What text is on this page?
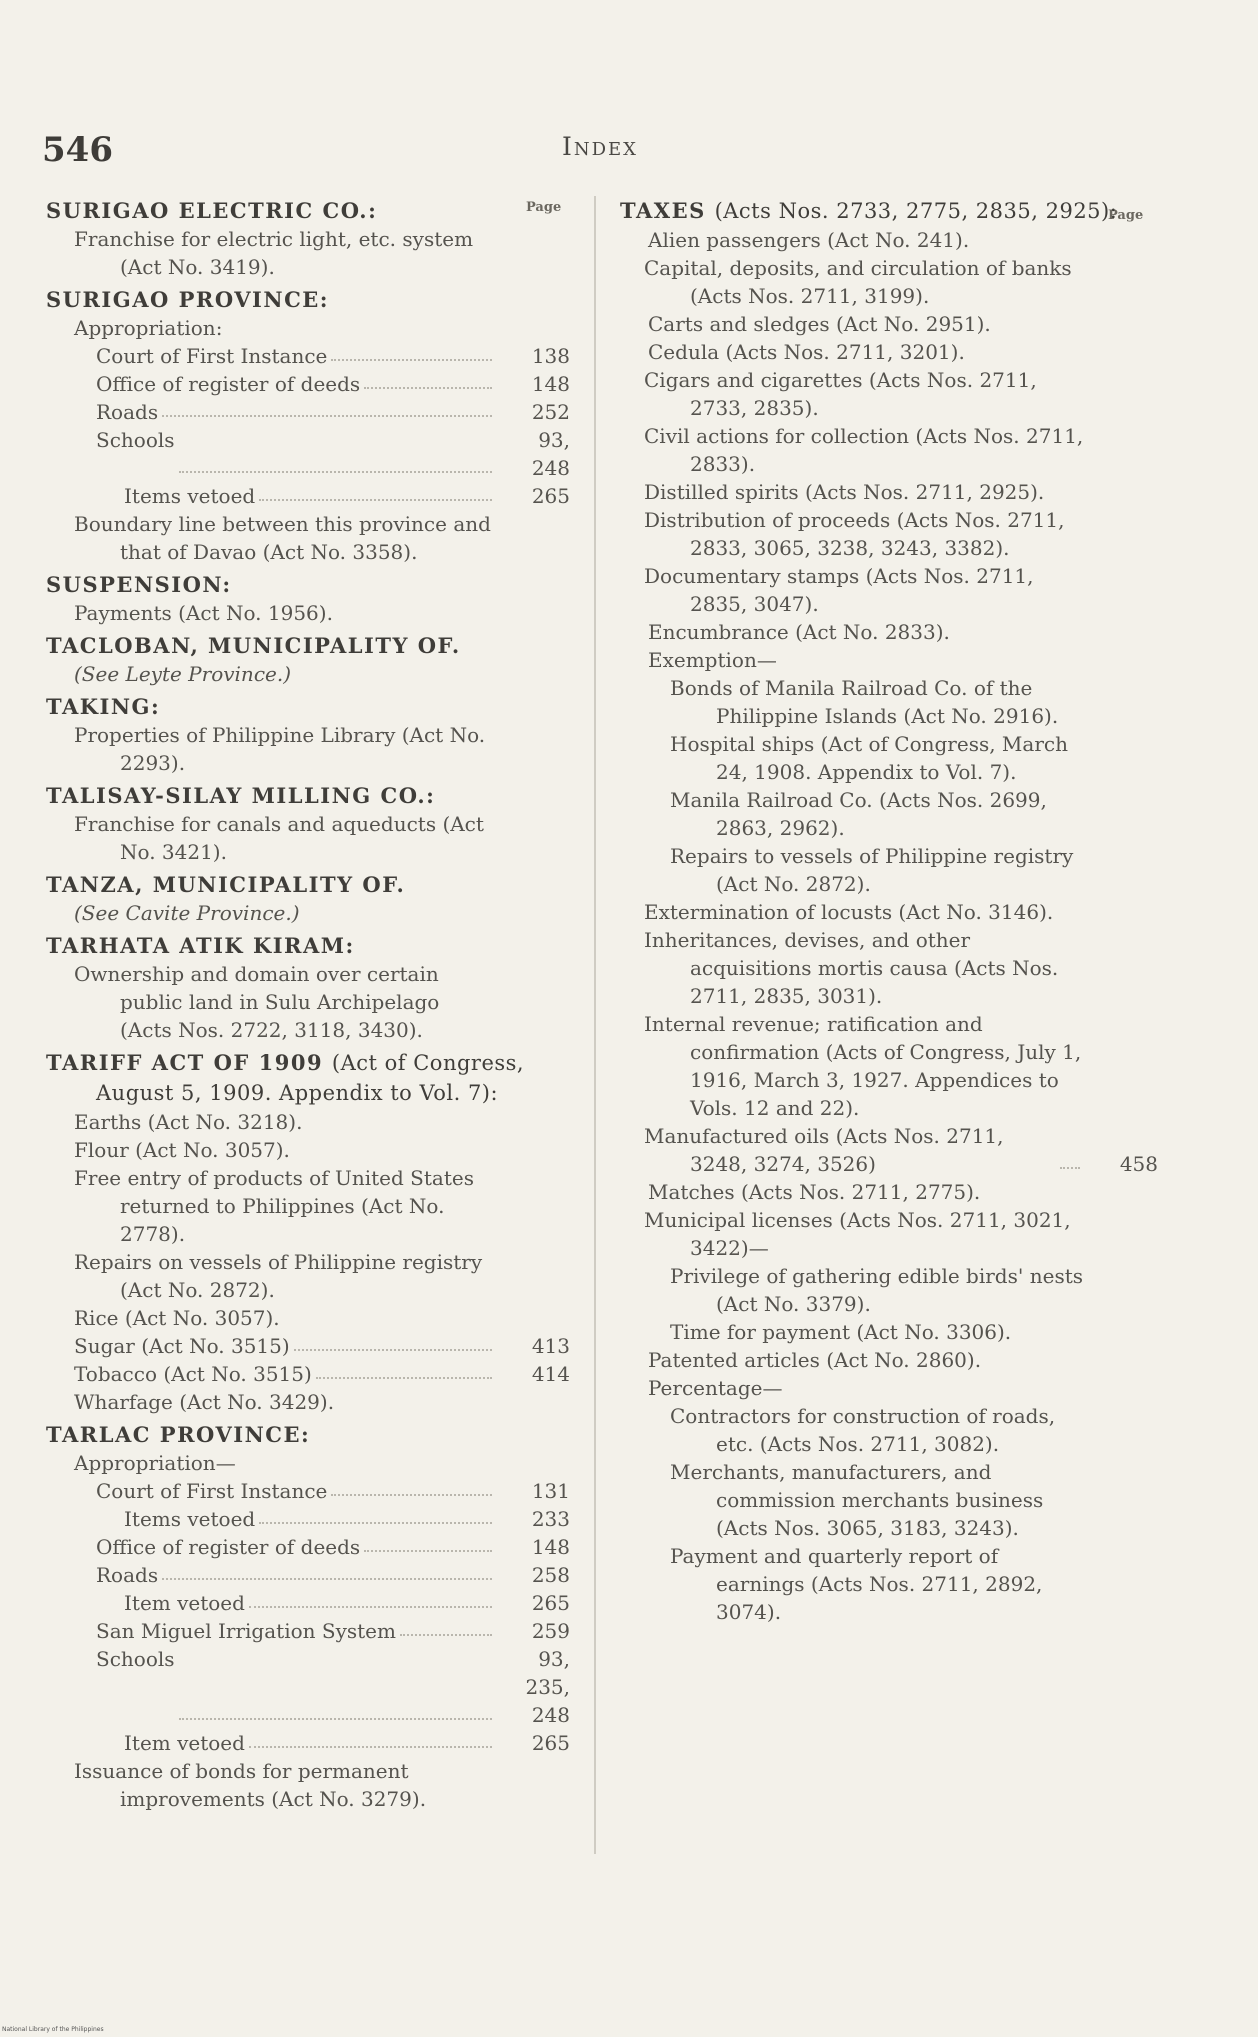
546	Index
Page
Page
SURIGAO ELECTRIC CO.:
Franchise for electric light, etc. system (Act No. 3419).
SURIGAO PROVINCE:
Appropriation:
Court of First Instance	138
Office of register of deeds	148
Roads	252
Schools	93, 248
Items vetoed	265
Boundary line between this province and that of Davao (Act No. 3358).
SUSPENSION:
Payments (Act No. 1956).
TACLOBAN, MUNICIPALITY OF.
(See Leyte Province.)
TAKING:
Properties of Philippine Library (Act No. 2293).
TALISAY-SILAY MILLING CO.:
Franchise for canals and aqueducts (Act No. 3421).
TANZA, MUNICIPALITY OF.
(See Cavite Province.)
TARHATA ATIK KIRAM:
Ownership and domain over certain public land in Sulu Archipelago (Acts Nos. 2722, 3118, 3430).
TARIFF ACT OF 1909 (Act of Congress, August 5, 1909. Appendix to Vol. 7):
Earths (Act No. 3218).
Flour (Act No. 3057).
Free entry of products of United States returned to Philippines (Act No. 2778).
Repairs on vessels of Philippine registry (Act No. 2872).
Rice (Act No. 3057).
Sugar (Act No. 3515)	413
Tobacco (Act No. 3515)	414
Wharfage (Act No. 3429).
TARLAC PROVINCE:
Appropriation—
Court of First Instance	131
Items vetoed	233
Office of register of deeds	148
Roads	258
Item vetoed	265
San Miguel Irrigation System	259
Schools	93, 235, 248
Item vetoed	265
Issuance of bonds for permanent improvements (Act No. 3279).
TAXES (Acts Nos. 2733, 2775, 2835, 2925):
Alien passengers (Act No. 241).
Capital, deposits, and circulation of banks (Acts Nos. 2711, 3199).
Carts and sledges (Act No. 2951).
Cedula (Acts Nos. 2711, 3201).
Cigars and cigarettes (Acts Nos. 2711, 2733, 2835).
Civil actions for collection (Acts Nos. 2711, 2833).
Distilled spirits (Acts Nos. 2711, 2925).
Distribution of proceeds (Acts Nos. 2711, 2833, 3065, 3238, 3243, 3382).
Documentary stamps (Acts Nos. 2711, 2835, 3047).
Encumbrance (Act No. 2833).
Exemption—
Bonds of Manila Railroad Co. of the Philippine Islands (Act No. 2916).
Hospital ships (Act of Congress, March 24, 1908. Appendix to Vol. 7).
Manila Railroad Co. (Acts Nos. 2699, 2863, 2962).
Repairs to vessels of Philippine registry (Act No. 2872).
Extermination of locusts (Act No. 3146).
Inheritances, devises, and other acquisitions mortis causa (Acts Nos. 2711, 2835, 3031).
Internal revenue; ratification and confirmation (Acts of Congress, July 1, 1916, March 3, 1927. Appendices to Vols. 12 and 22).
Manufactured oils (Acts Nos. 2711, 3248, 3274, 3526)	458
Matches (Acts Nos. 2711, 2775).
Municipal licenses (Acts Nos. 2711, 3021, 3422)—
Privilege of gathering edible birds' nests (Act No. 3379).
Time for payment (Act No. 3306).
Patented articles (Act No. 2860).
Percentage—
Contractors for construction of roads, etc. (Acts Nos. 2711, 3082).
Merchants, manufacturers, and commission merchants business (Acts Nos. 3065, 3183, 3243).
Payment and quarterly report of earnings (Acts Nos. 2711, 2892, 3074).
National Library of the Philippines
